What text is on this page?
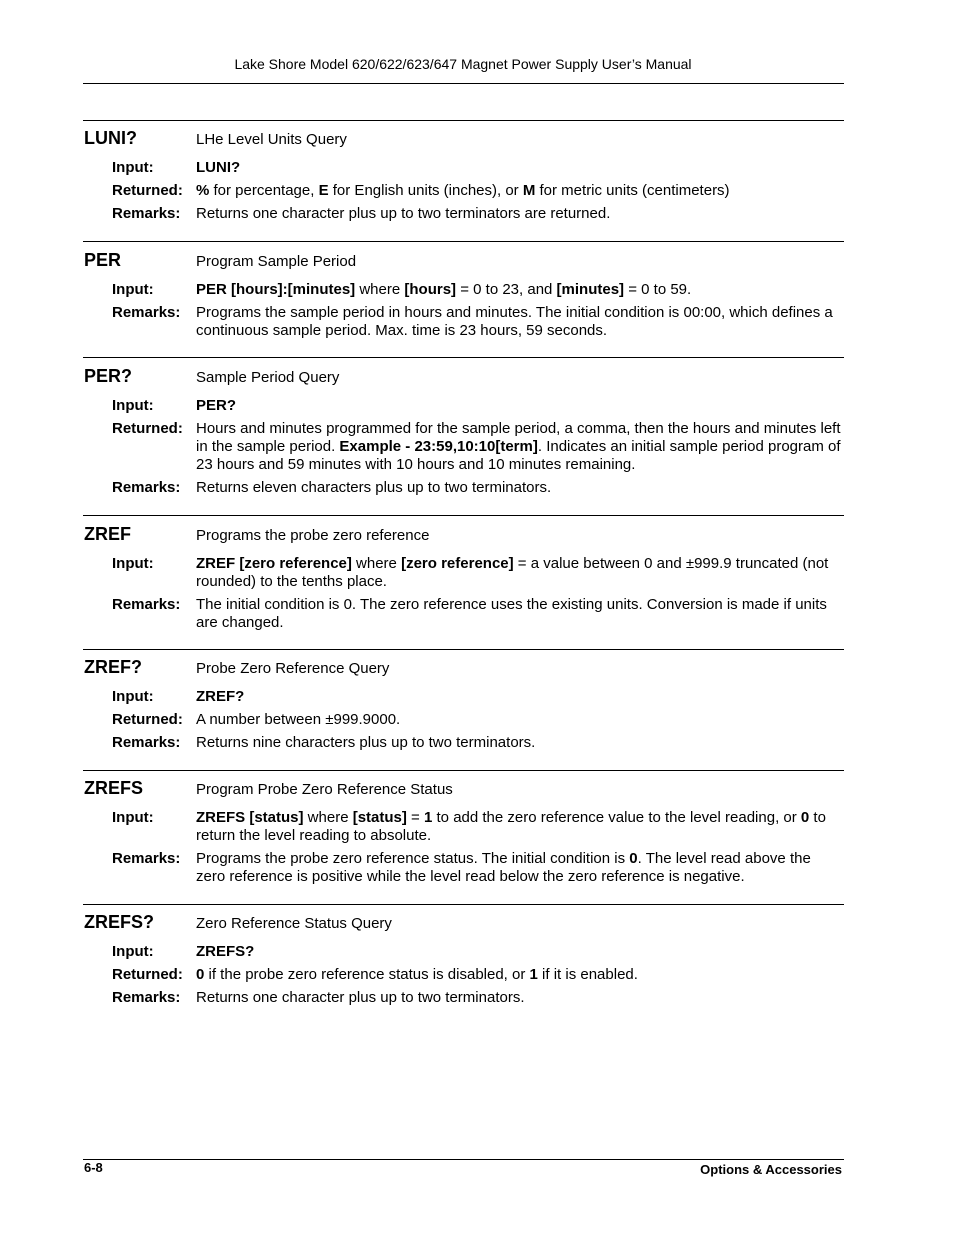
Lake Shore Model 620/622/623/647 Magnet Power Supply User’s Manual
LUNI?	LHe Level Units Query
Input:	LUNI?
Returned: % for percentage, E for English units (inches), or M for metric units (centimeters)
Remarks:	Returns one character plus up to two terminators are returned.
PER	Program Sample Period
Input:	PER [hours]:[minutes] where [hours] = 0 to 23, and [minutes] = 0 to 59.
Remarks:	Programs the sample period in hours and minutes. The initial condition is 00:00, which defines a continuous sample period. Max. time is 23 hours, 59 seconds.
PER?	Sample Period Query
Input:	PER?
Returned: Hours and minutes programmed for the sample period, a comma, then the hours and minutes left in the sample period. Example - 23:59,10:10[term]. Indicates an initial sample period program of 23 hours and 59 minutes with 10 hours and 10 minutes remaining.
Remarks:	Returns eleven characters plus up to two terminators.
ZREF	Programs the probe zero reference
Input:	ZREF [zero reference] where [zero reference] = a value between 0 and ±999.9 truncated (not rounded) to the tenths place.
Remarks:	The initial condition is 0. The zero reference uses the existing units. Conversion is made if units are changed.
ZREF?	Probe Zero Reference Query
Input:	ZREF?
Returned: A number between ±999.9000.
Remarks:	Returns nine characters plus up to two terminators.
ZREFS	Program Probe Zero Reference Status
Input:	ZREFS [status] where [status] = 1 to add the zero reference value to the level reading, or 0 to return the level reading to absolute.
Remarks:	Programs the probe zero reference status. The initial condition is 0. The level read above the zero reference is positive while the level read below the zero reference is negative.
ZREFS?	Zero Reference Status Query
Input:	ZREFS?
Returned: 0 if the probe zero reference status is disabled, or 1 if it is enabled.
Remarks:	Returns one character plus up to two terminators.
6-8	Options & Accessories
